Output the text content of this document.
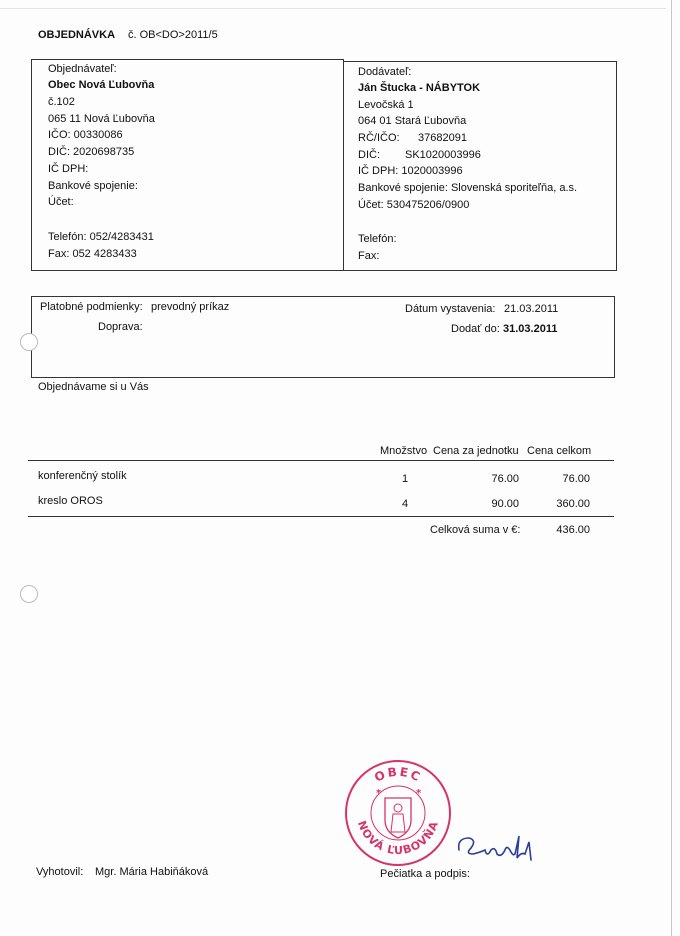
OBJEDNÁVKA č. OB<DO>2011/5
Objednávateľ:
Obec Nová Ľubovňa
č.102
065 11 Nová Ľubovňa
IČO: 00330086
DIČ: 2020698735
IČ DPH:
Bankové spojenie:
Účet:
Telefón: 052/4283431
Fax: 052 4283433
Dodávateľ:
Ján Štucka - NÁBYTOK
Levočská 1
064 01 Stará Ľubovňa
RČ/IČO: 37682091
DIČ: SK1020003996
IČ DPH: 1020003996
Bankové spojenie: Slovenská sporiteľňa, a.s.
Účet: 530475206/0900
Telefón:
Fax:
Platobné podmienky: prevodný príkaz
Doprava:
Dátum vystavenia: 21.03.2011
Dodať do: 31.03.2011
Objednávame si u Vás
Množstvo Cena za jednotku Cena celkom
konferenčný stolík	1	76.00	76.00
kreslo OROS	4	90.00	360.00
Celková suma v €:	436.00
OBEC
NOVÁ ĽUBOVŇA
*	*
Vyhotovil: Mgr. Mária Habiňáková	Pečiatka a podpis:
